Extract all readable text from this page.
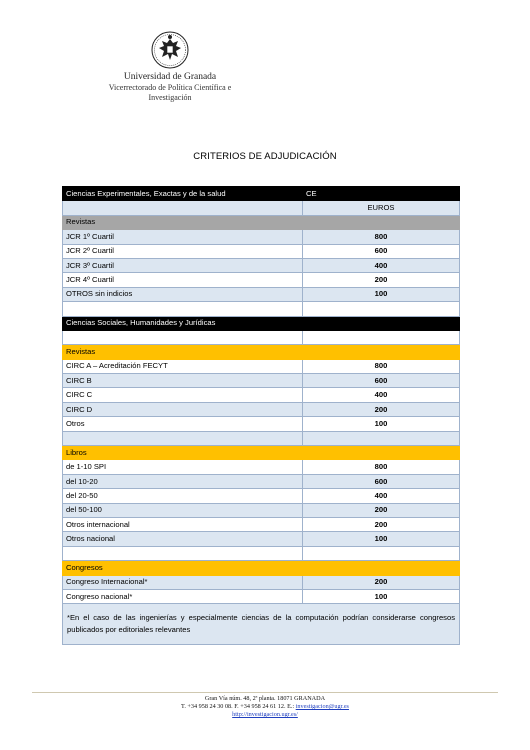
Universidad de Granada
Vicerrectorado de Política Científica e
Investigación
CRITERIOS DE ADJUDICACIÓN
Ciencias Experimentales, Exactas y de la salud	CE
	EUROS
Revistas	
JCR 1º Cuartil	800
JCR 2º Cuartil	600
JCR 3º Cuartil	400
JCR 4º Cuartil	200
OTROS sin indicios	100

Ciencias Sociales, Humanidades y Jurídicas	

Revistas	
CIRC A – Acreditación FECYT	800
CIRC B	600
CIRC C	400
CIRC D	200
Otros	100

Libros	
de 1-10 SPI	800
del 10-20	600
del 20-50	400
del 50-100	200
Otros internacional	200
Otros nacional	100

Congresos	
Congreso Internacional*	200
Congreso nacional*	100
*En el caso de las ingenierías y especialmente ciencias de la computación podrían considerarse congresos publicados por editoriales relevantes	
Gran Vía núm. 48, 2ª planta. 18071 GRANADA
T. +34 958 24 30 08. F. +34 958 24 61 12. E.: investigacion@ugr.es
http://investigacion.ugr.es/
